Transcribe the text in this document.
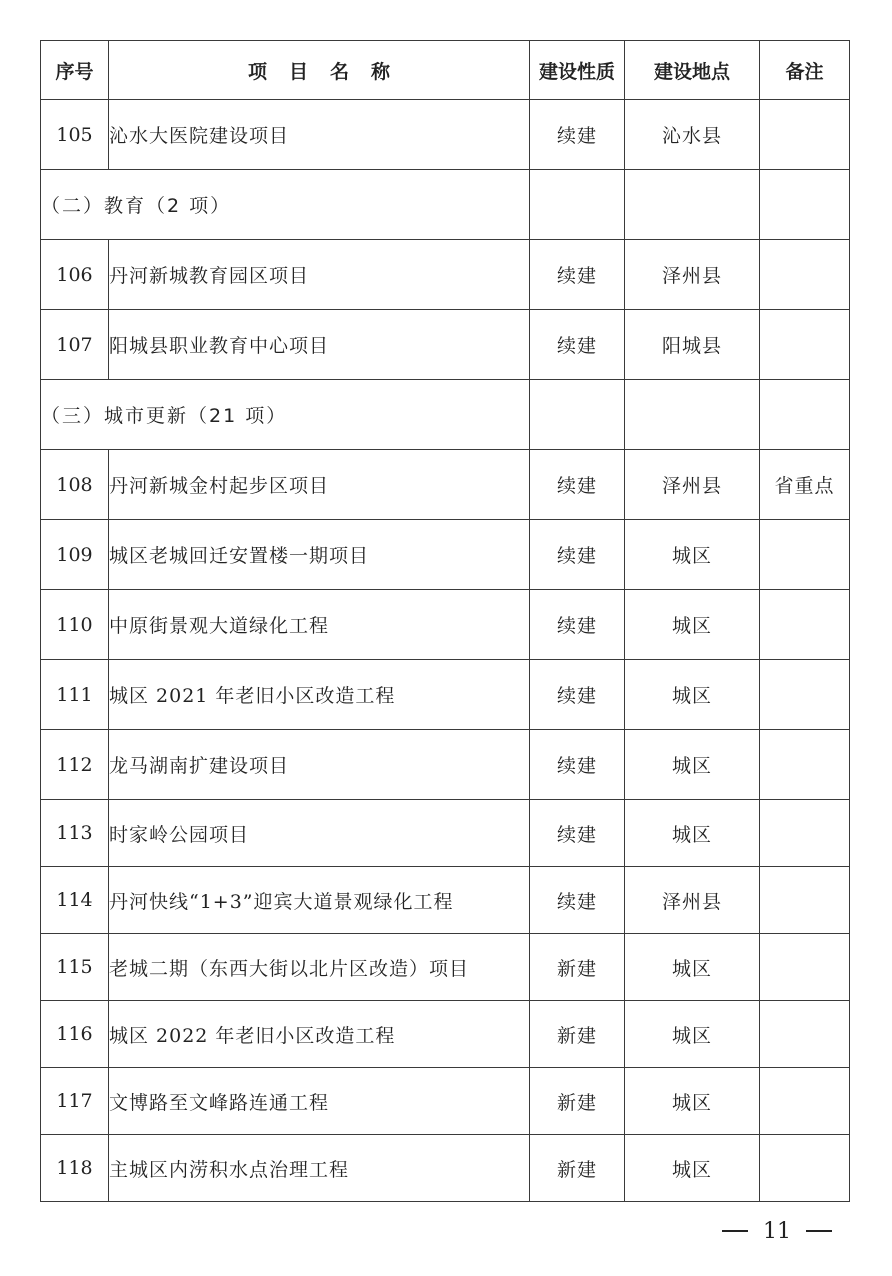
序号	项目名称	建设性质	建设地点	备注
105	沁水大医院建设项目	续建	沁水县	
（二）教育（2 项）				
106	丹河新城教育园区项目	续建	泽州县	
107	阳城县职业教育中心项目	续建	阳城县	
（三）城市更新（21 项）				
108	丹河新城金村起步区项目	续建	泽州县	省重点
109	城区老城回迁安置楼一期项目	续建	城区	
110	中原街景观大道绿化工程	续建	城区	
111	城区 2021 年老旧小区改造工程	续建	城区	
112	龙马湖南扩建设项目	续建	城区	
113	时家岭公园项目	续建	城区	
114	丹河快线“1+3”迎宾大道景观绿化工程	续建	泽州县	
115	老城二期（东西大街以北片区改造）项目	新建	城区	
116	城区 2022 年老旧小区改造工程	新建	城区	
117	文博路至文峰路连通工程	新建	城区	
118	主城区内涝积水点治理工程	新建	城区	
11
